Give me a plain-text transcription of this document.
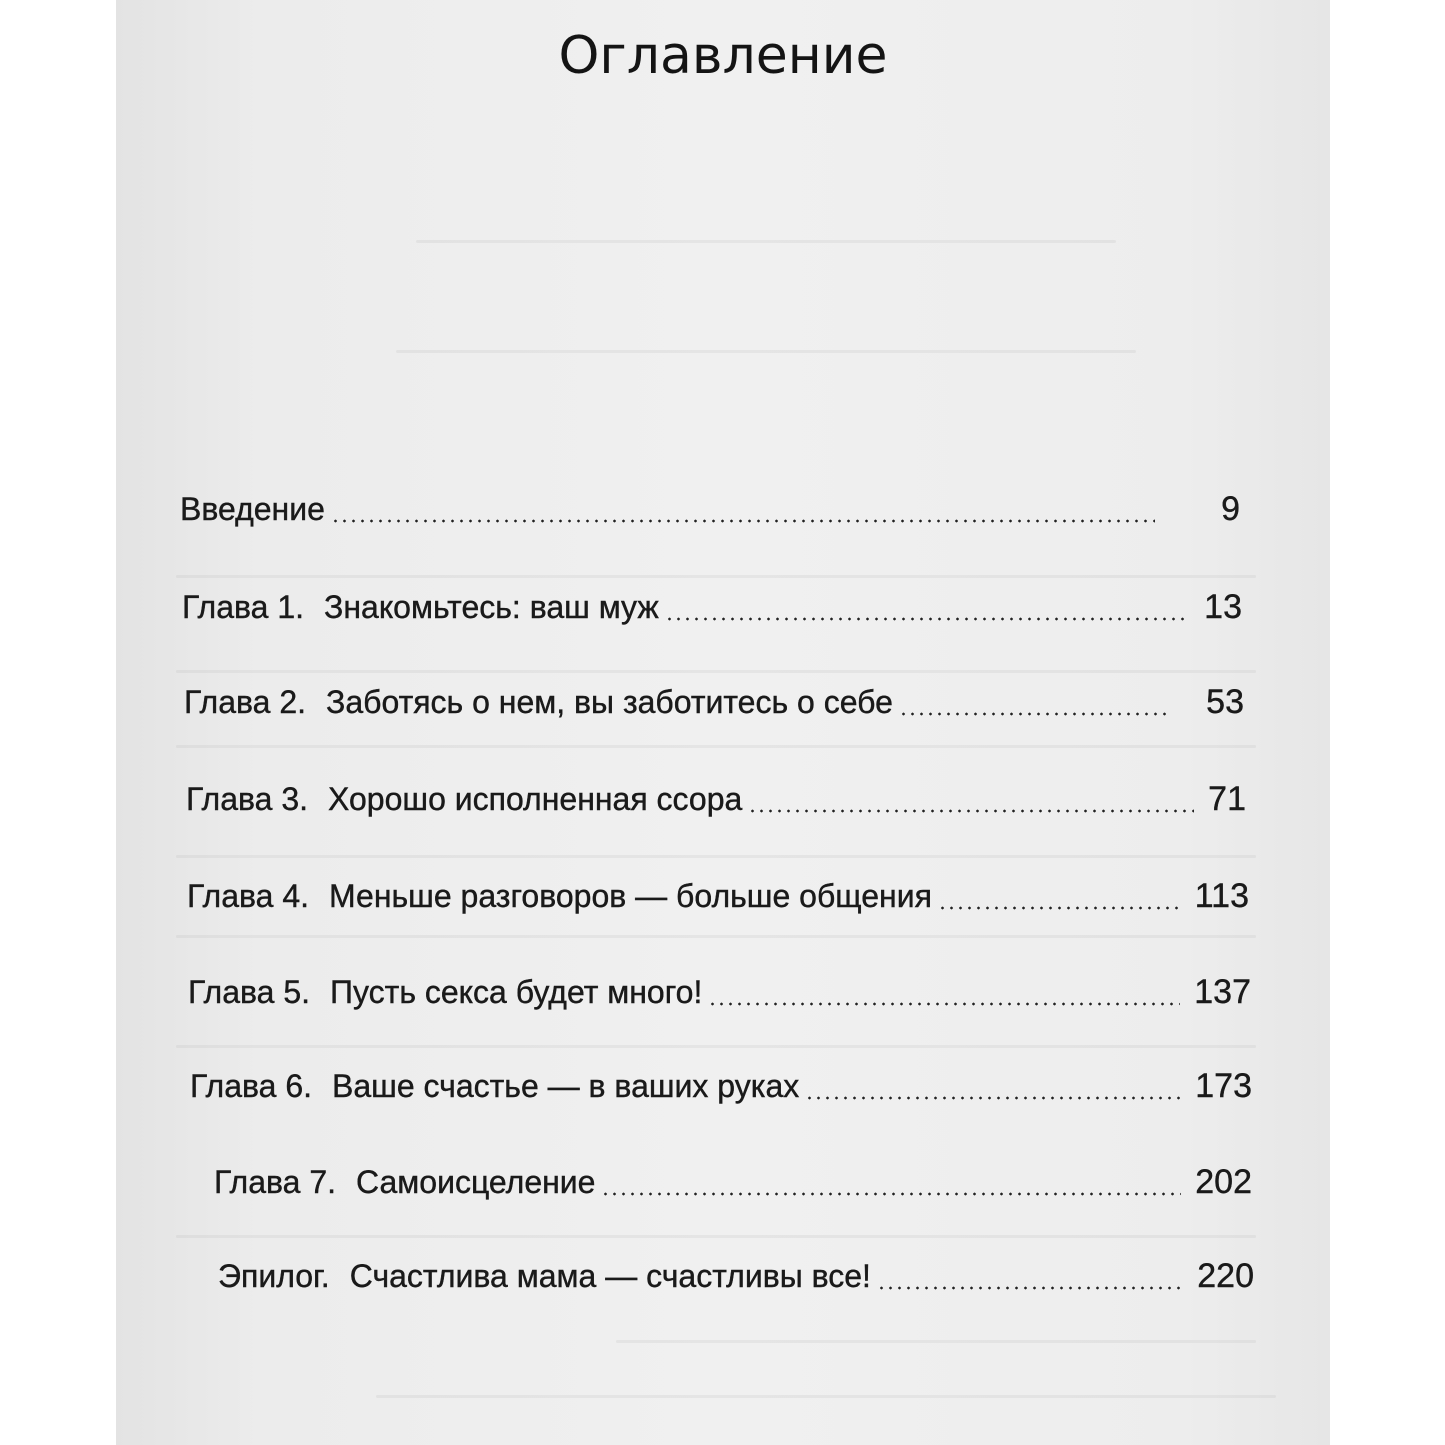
Оглавление
Введение	9
Глава 1. Знакомьтесь: ваш муж	13
Глава 2. Заботясь о нем, вы заботитесь о себе	53
Глава 3. Хорошо исполненная ссора	71
Глава 4. Меньше разговоров — больше общения	113
Глава 5. Пусть секса будет много!	137
Глава 6. Ваше счастье — в ваших руках	173
Глава 7. Самоисцеление	202
Эпилог. Счастлива мама — счастливы все!	220
